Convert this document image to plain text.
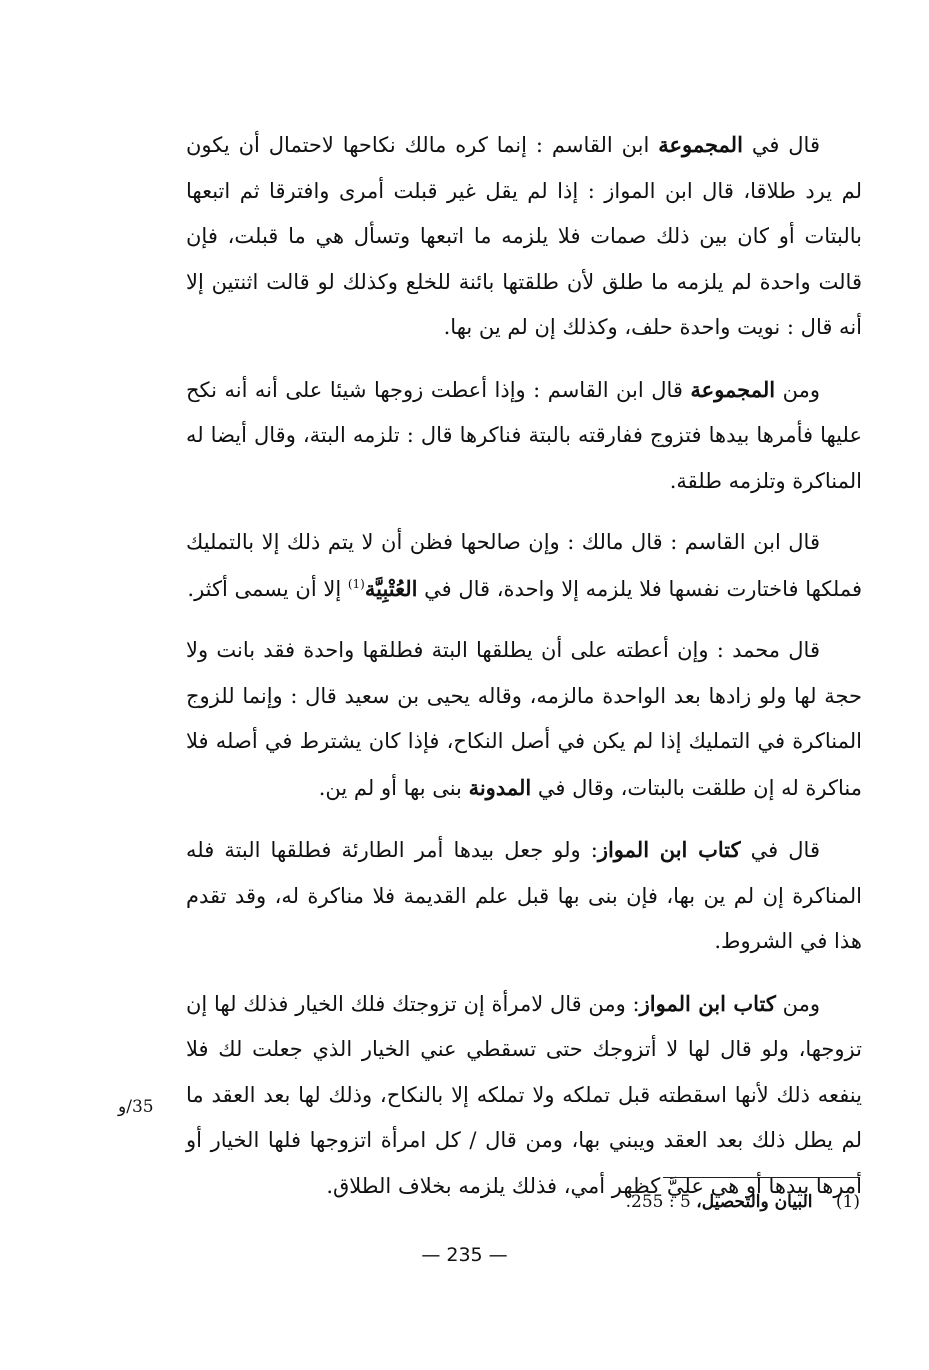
قال في المجموعة ابن القاسم : إنما كره مالك نكاحها لاحتمال أن يكون لم يرد طلاقا، قال ابن المواز : إذا لم يقل غير قبلت أمرى وافترقا ثم اتبعها بالبتات أو كان بين ذلك صمات فلا يلزمه ما اتبعها وتسأل هي ما قبلت، فإن قالت واحدة لم يلزمه ما طلق لأن طلقتها بائنة للخلع وكذلك لو قالت اثنتين إلا أنه قال : نويت واحدة حلف، وكذلك إن لم ين بها.

ومن المجموعة قال ابن القاسم : وإذا أعطت زوجها شيئا على أنه أنه نكح عليها فأمرها بيدها فتزوج ففارقته بالبتة فناكرها قال : تلزمه البتة، وقال أيضا له المناكرة وتلزمه طلقة.

قال ابن القاسم : قال مالك : وإن صالحها فظن أن لا يتم ذلك إلا بالتمليك فملكها فاختارت نفسها فلا يلزمه إلا واحدة، قال في العُتْبِيَّة$^{(1)}$ إلا أن يسمى أكثر.

قال محمد : وإن أعطته على أن يطلقها البتة فطلقها واحدة فقد بانت ولا حجة لها ولو زادها بعد الواحدة مالزمه، وقاله يحيى بن سعيد قال : وإنما للزوج المناكرة في التمليك إذا لم يكن في أصل النكاح، فإذا كان يشترط في أصله فلا مناكرة له إن طلقت بالبتات، وقال في المدونة بنى بها أو لم ين.

قال في كتاب ابن المواز: ولو جعل بيدها أمر الطارئة فطلقها البتة فله المناكرة إن لم ين بها، فإن بنى بها قبل علم القديمة فلا مناكرة له، وقد تقدم هذا في الشروط.

ومن كتاب ابن المواز: ومن قال لامرأة إن تزوجتك فلك الخيار فذلك لها إن تزوجها، ولو قال لها لا أتزوجك حتى تسقطي عني الخيار الذي جعلت لك فلا ينفعه ذلك لأنها اسقطته قبل تملكه ولا تملكه إلا بالنكاح، وذلك لها بعد العقد ما لم يطل ذلك بعد العقد ويبني بها، ومن قال / كل امرأة اتزوجها فلها الخيار أو أمرها بيدها أو هي عليَّ كظهر أمي، فذلك يلزمه بخلاف الطلاق.

35/و
(1) البيان والتحصيل، 5 : 255.
— 235 —
